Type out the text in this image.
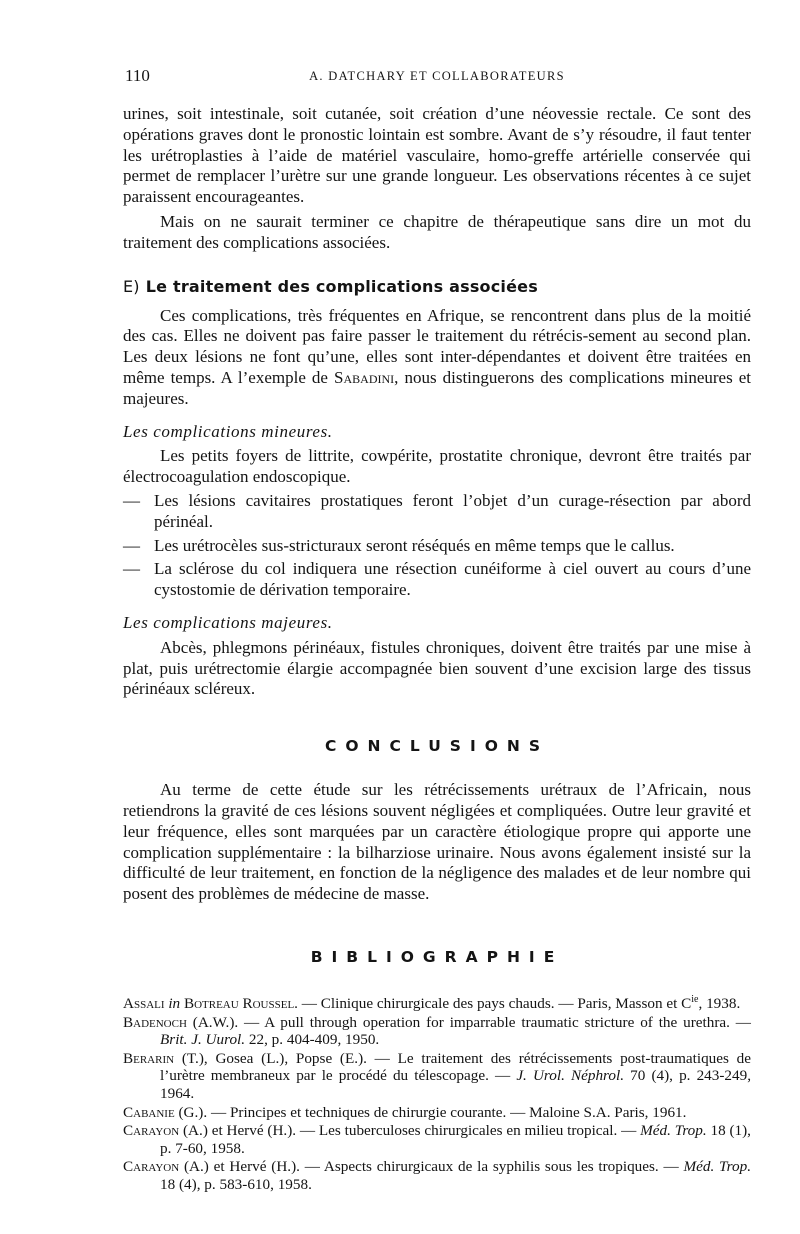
110	A. DATCHARY ET COLLABORATEURS

urines, soit intestinale, soit cutanée, soit création d’une néovessie rectale. Ce sont des opérations graves dont le pronostic lointain est sombre. Avant de s’y résoudre, il faut tenter les urétroplasties à l’aide de matériel vasculaire, homo-greffe artérielle conservée qui permet de remplacer l’urètre sur une grande longueur. Les observations récentes à ce sujet paraissent encourageantes.

Mais on ne saurait terminer ce chapitre de thérapeutique sans dire un mot du traitement des complications associées.

E) Le traitement des complications associées

Ces complications, très fréquentes en Afrique, se rencontrent dans plus de la moitié des cas. Elles ne doivent pas faire passer le traitement du rétrécis-sement au second plan. Les deux lésions ne font qu’une, elles sont inter-dépendantes et doivent être traitées en même temps. A l’exemple de Sabadini, nous distinguerons des complications mineures et majeures.

Les complications mineures.

Les petits foyers de littrite, cowpérite, prostatite chronique, devront être traités par électrocoagulation endoscopique.

— Les lésions cavitaires prostatiques feront l’objet d’un curage-résection par abord périnéal.
— Les urétrocèles sus-stricturaux seront réséqués en même temps que le callus.
— La sclérose du col indiquera une résection cunéiforme à ciel ouvert au cours d’une cystostomie de dérivation temporaire.

Les complications majeures.

Abcès, phlegmons périnéaux, fistules chroniques, doivent être traités par une mise à plat, puis urétrectomie élargie accompagnée bien souvent d’une excision large des tissus périnéaux scléreux.

CONCLUSIONS

Au terme de cette étude sur les rétrécissements urétraux de l’Africain, nous retiendrons la gravité de ces lésions souvent négligées et compliquées. Outre leur gravité et leur fréquence, elles sont marquées par un caractère étiologique propre qui apporte une complication supplémentaire : la bilharziose urinaire. Nous avons également insisté sur la difficulté de leur traitement, en fonction de la négligence des malades et de leur nombre qui posent des problèmes de médecine de masse.

BIBLIOGRAPHIE
Assali in Botreau Roussel. — Clinique chirurgicale des pays chauds. — Paris, Masson et $C^{ie}$, 1938.
Badenoch (A.W.). — A pull through operation for imparrable traumatic stricture of the urethra. — Brit. J. Uurol. 22, p. 404-409, 1950.
Berarin (T.), Gosea (L.), Popse (E.). — Le traitement des rétrécissements post-traumatiques de l’urètre membraneux par le procédé du télescopage. — J. Urol. Néphrol. 70 (4), p. 243-249, 1964.
Cabanie (G.). — Principes et techniques de chirurgie courante. — Maloine S.A. Paris, 1961.
Carayon (A.) et Hervé (H.). — Les tuberculoses chirurgicales en milieu tropical. — Méd. Trop. 18 (1), p. 7-60, 1958.
Carayon (A.) et Hervé (H.). — Aspects chirurgicaux de la syphilis sous les tropiques. — Méd. Trop. 18 (4), p. 583-610, 1958.
